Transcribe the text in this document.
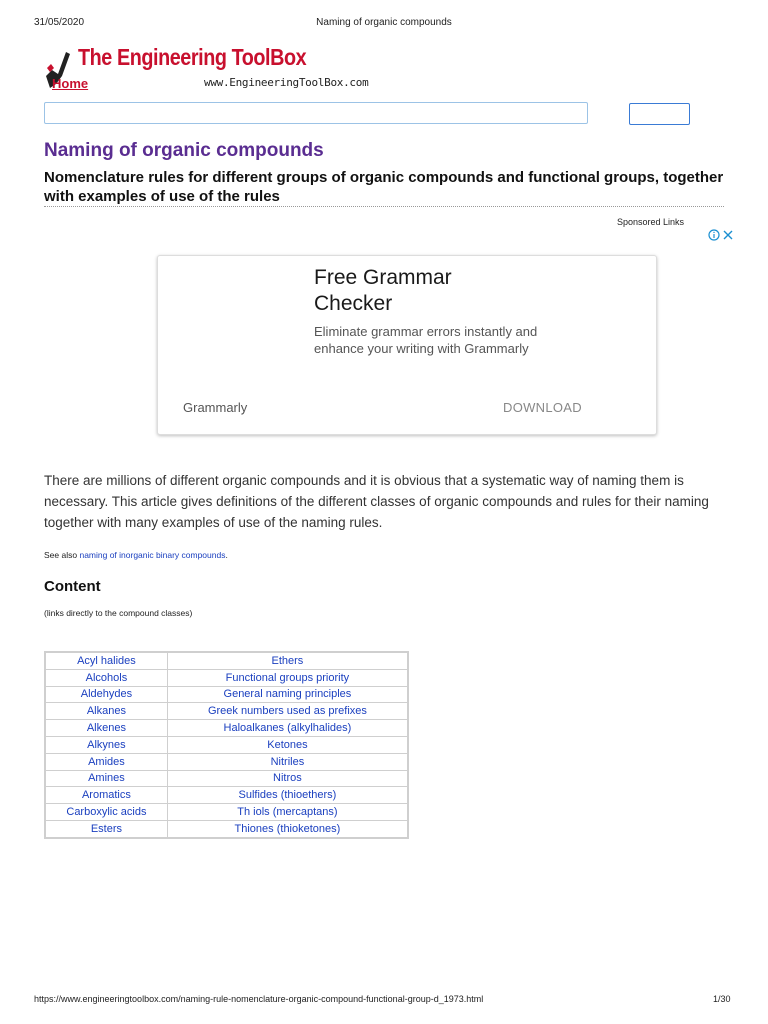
31/05/2020	Naming of organic compounds
The Engineering ToolBox
Home	www.EngineeringToolBox.com
Naming of organic compounds
Nomenclature rules for different groups of organic compounds and functional groups, together with examples of use of the rules
Sponsored Links
Free Grammar Checker
Eliminate grammar errors instantly and enhance your writing with Grammarly
Grammarly	DOWNLOAD

There are millions of different organic compounds and it is obvious that a systematic way of naming them is necessary. This article gives definitions of the different classes of organic compounds and rules for their naming together with many examples of use of the naming rules.

See also naming of inorganic binary compounds.
Content
(links directly to the compound classes)
Acyl halides	Ethers
Alcohols	Functional groups priority
Aldehydes	General naming principles
Alkanes	Greek numbers used as prefixes
Alkenes	Haloalkanes (alkylhalides)
Alkynes	Ketones
Amides	Nitriles
Amines	Nitros
Aromatics	Sulfides (thioethers)
Carboxylic acids	Th iols (mercaptans)
Esters	Thiones (thioketones)
https://www.engineeringtoolbox.com/naming-rule-nomenclature-organic-compound-functional-group-d_1973.html	1/30
